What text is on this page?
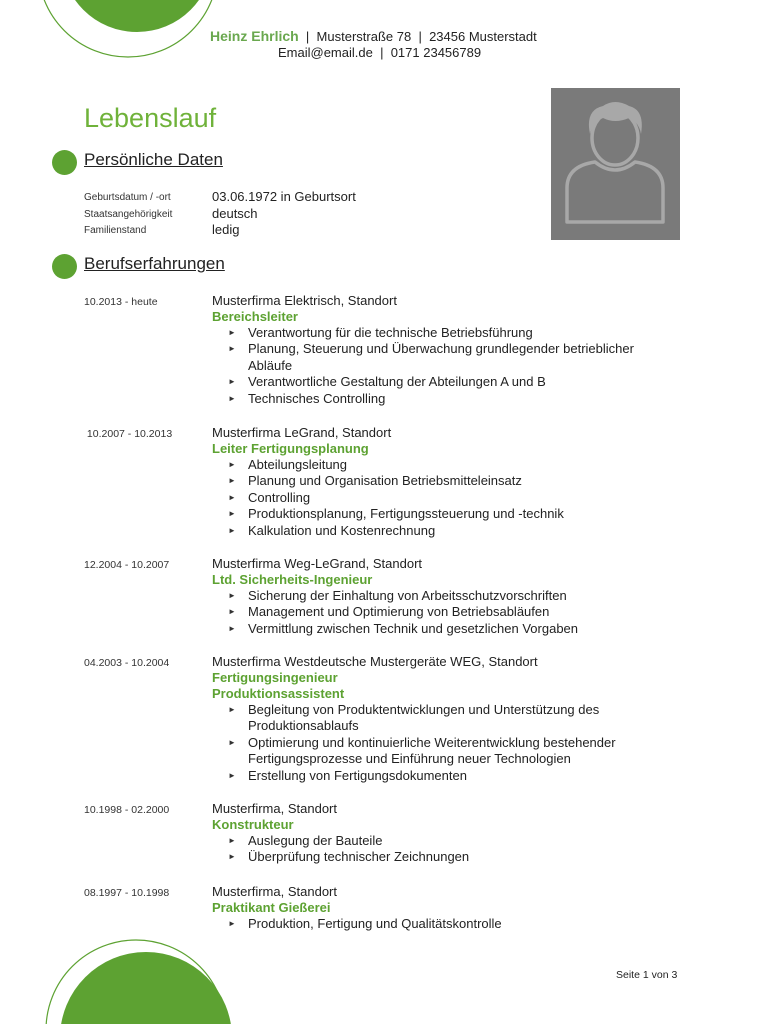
Heinz Ehrlich  |  Musterstraße 78  |  23456 Musterstadt
Email@email.de  |  0171 23456789
Lebenslauf
Persönliche Daten
Geburtsdatum / -ort	03.06.1972 in Geburtsort
Staatsangehörigkeit	deutsch
Familienstand	ledig
Berufserfahrungen
10.2013 - heute	Musterfirma Elektrisch, Standort
Bereichsleiter
► Verantwortung für die technische Betriebsführung
► Planung, Steuerung und Überwachung grundlegender betrieblicher Abläufe
► Verantwortliche Gestaltung der Abteilungen A und B
► Technisches Controlling
10.2007 - 10.2013	Musterfirma LeGrand, Standort
Leiter Fertigungsplanung
► Abteilungsleitung
► Planung und Organisation Betriebsmitteleinsatz
► Controlling
► Produktionsplanung, Fertigungssteuerung und -technik
► Kalkulation und Kostenrechnung
12.2004 - 10.2007	Musterfirma Weg-LeGrand, Standort
Ltd. Sicherheits-Ingenieur
► Sicherung der Einhaltung von Arbeitsschutzvorschriften
► Management und Optimierung von Betriebsabläufen
► Vermittlung zwischen Technik und gesetzlichen Vorgaben
04.2003 - 10.2004	Musterfirma Westdeutsche Mustergeräte WEG, Standort
Fertigungsingenieur
Produktionsassistent
► Begleitung von Produktentwicklungen und Unterstützung des Produktionsablaufs
► Optimierung und kontinuierliche Weiterentwicklung bestehender Fertigungsprozesse und Einführung neuer Technologien
► Erstellung von Fertigungsdokumenten
10.1998 - 02.2000	Musterfirma, Standort
Konstrukteur
► Auslegung der Bauteile
► Überprüfung technischer Zeichnungen
08.1997 - 10.1998	Musterfirma, Standort
Praktikant Gießerei
► Produktion, Fertigung und Qualitätskontrolle
Seite 1 von 3
